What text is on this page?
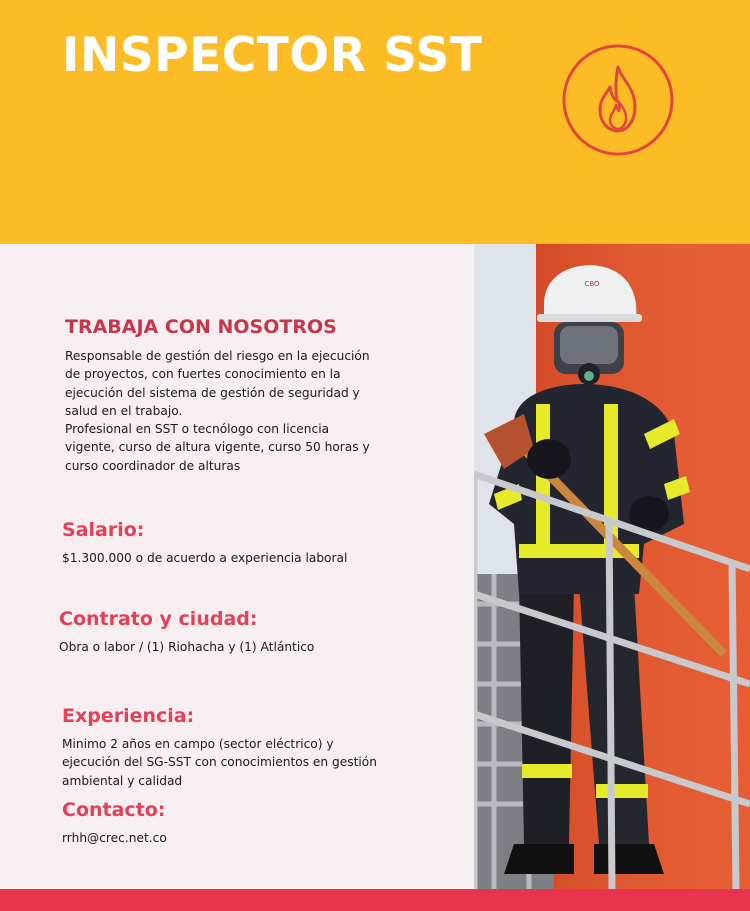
INSPECTOR SST
CBO
TRABAJA CON NOSOTROS

Responsable de gestión del riesgo en la ejecución
de proyectos, con fuertes conocimiento en la
ejecución del sistema de gestión de seguridad y
salud en el trabajo.
Profesional en SST o tecnólogo con licencia
vigente, curso de altura vigente, curso 50 horas y
curso coordinador de alturas

Salario:

$1.300.000 o de acuerdo a experiencia laboral

Contrato y ciudad:

Obra o labor / (1) Riohacha y (1) Atlántico

Experiencia:

Minimo 2 años en campo (sector eléctrico) y
ejecución del SG-SST con conocimientos en gestión
ambiental y calidad

Contacto:

rrhh@crec.net.co
